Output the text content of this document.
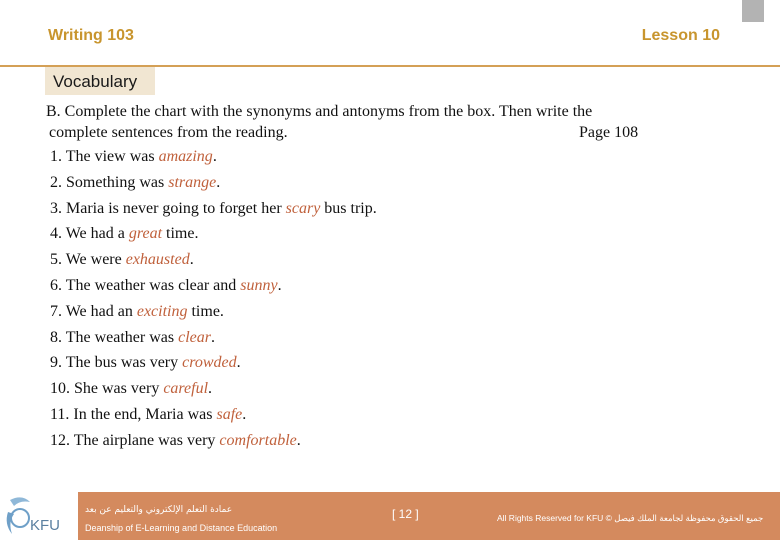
Writing 103	Lesson 10
Vocabulary
B. Complete the chart with the synonyms and antonyms from the box. Then write the
complete sentences from the reading.	Page 108
1. The view was amazing.
2. Something was strange.
3. Maria is never going to forget her scary bus trip.
4. We had a great time.
5. We were exhausted.
6. The weather was clear and sunny.
7. We had an exciting time.
8. The weather was clear.
9. The bus was very crowded.
10. She was very careful.
11. In the end, Maria was safe.
12. The airplane was very comfortable.
KFU
عمادة التعلم الإلكتروني والتعليم عن بعد
Deanship of E-Learning and Distance Education
[ 12 ]	All Rights Reserved for KFU © جميع الحقوق محفوظة لجامعة الملك فيصل
